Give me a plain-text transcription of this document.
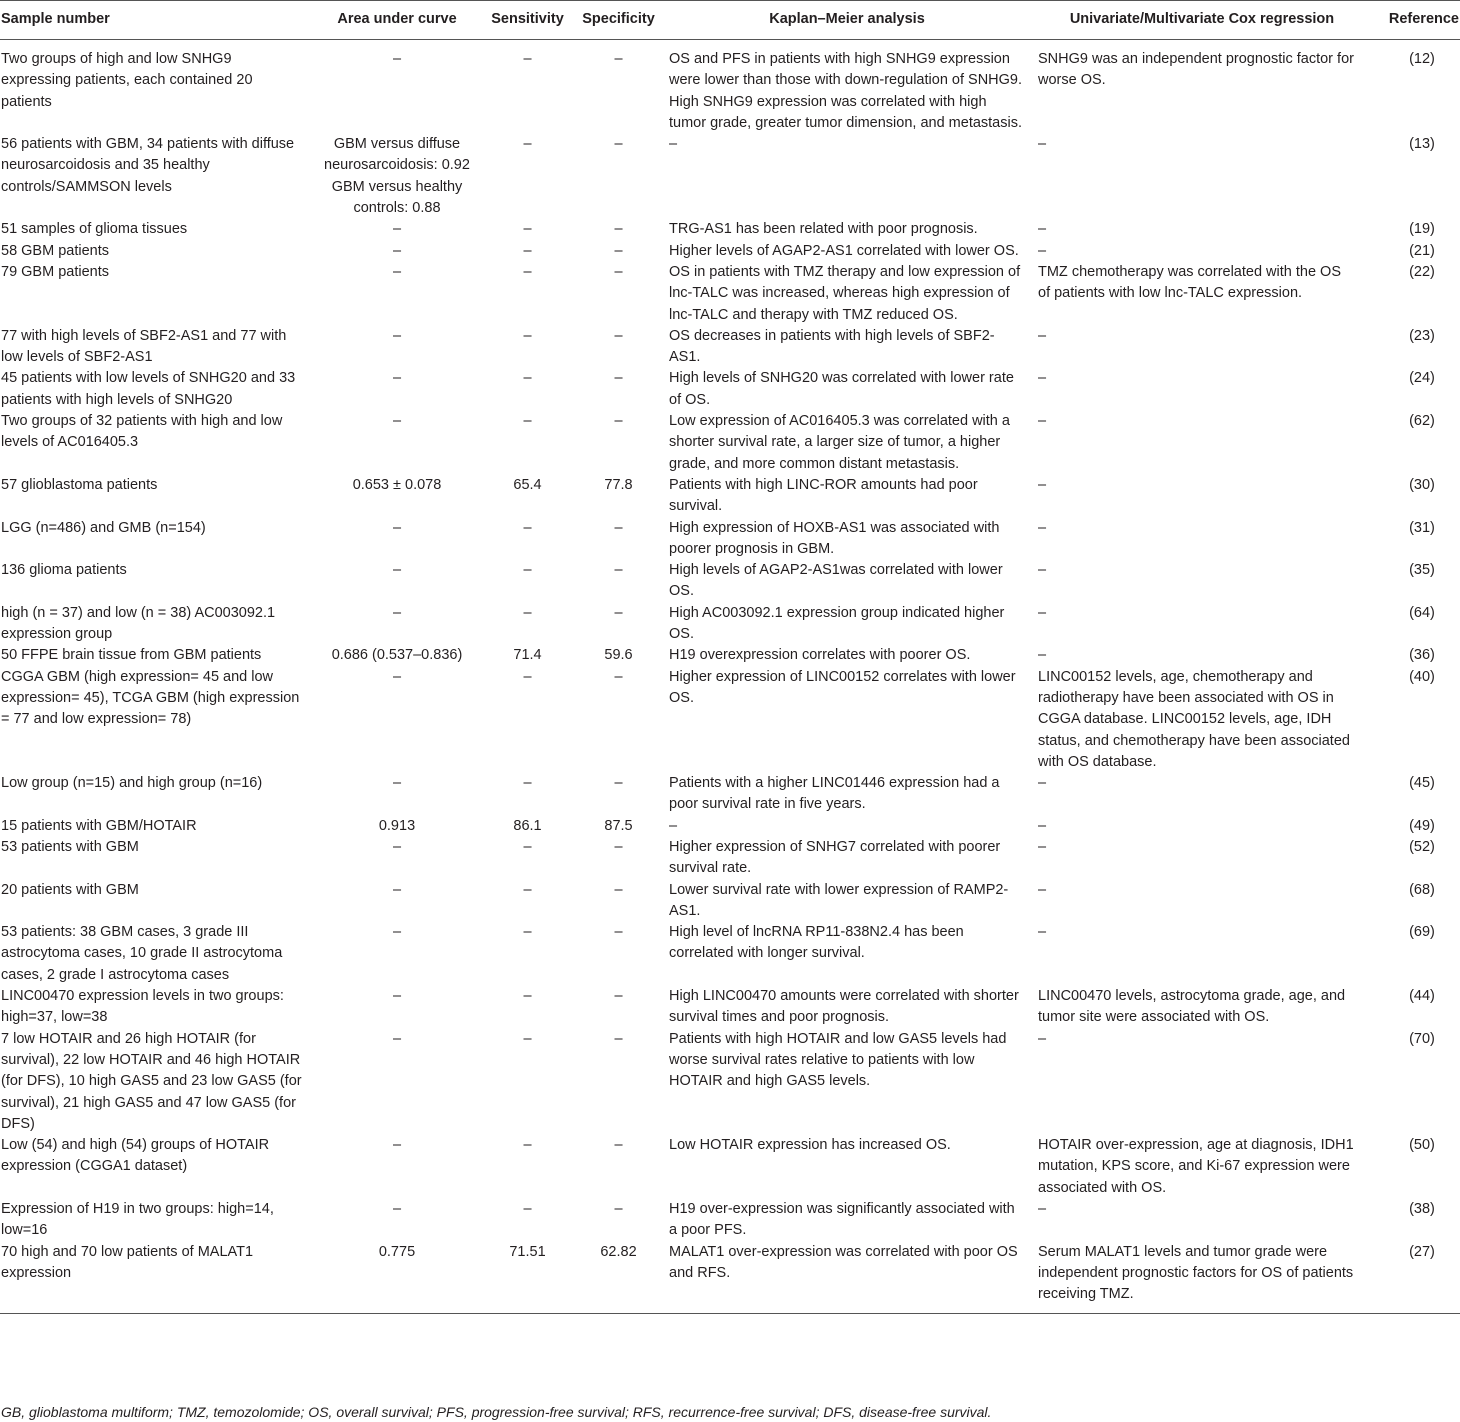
Sample number	Area under curve	Sensitivity	Specificity	Kaplan–Meier analysis	Univariate/Multivariate Cox regression	Reference
Two groups of high and low SNHG9 expressing patients, each contained 20 patients	–	–	–	OS and PFS in patients with high SNHG9 expression were lower than those with down-regulation of SNHG9. High SNHG9 expression was correlated with high tumor grade, greater tumor dimension, and metastasis.	SNHG9 was an independent prognostic factor for worse OS.	(12)
56 patients with GBM, 34 patients with diffuse neurosarcoidosis and 35 healthy controls/SAMMSON levels	GBM versus diffuse neurosarcoidosis: 0.92 GBM versus healthy controls: 0.88	–	–	–	–	(13)
51 samples of glioma tissues	–	–	–	TRG-AS1 has been related with poor prognosis.	–	(19)
58 GBM patients	–	–	–	Higher levels of AGAP2-AS1 correlated with lower OS.	–	(21)
79 GBM patients	–	–	–	OS in patients with TMZ therapy and low expression of lnc-TALC was increased, whereas high expression of lnc-TALC and therapy with TMZ reduced OS.	TMZ chemotherapy was correlated with the OS of patients with low lnc-TALC expression.	(22)
77 with high levels of SBF2-AS1 and 77 with low levels of SBF2-AS1	–	–	–	OS decreases in patients with high levels of SBF2-AS1.	–	(23)
45 patients with low levels of SNHG20 and 33 patients with high levels of SNHG20	–	–	–	High levels of SNHG20 was correlated with lower rate of OS.	–	(24)
Two groups of 32 patients with high and low levels of AC016405.3	–	–	–	Low expression of AC016405.3 was correlated with a shorter survival rate, a larger size of tumor, a higher grade, and more common distant metastasis.	–	(62)
57 glioblastoma patients	0.653 ± 0.078	65.4	77.8	Patients with high LINC-ROR amounts had poor survival.	–	(30)
LGG (n=486) and GMB (n=154)	–	–	–	High expression of HOXB-AS1 was associated with poorer prognosis in GBM.	–	(31)
136 glioma patients	–	–	–	High levels of AGAP2-AS1was correlated with lower OS.	–	(35)
high (n = 37) and low (n = 38) AC003092.1 expression group	–	–	–	High AC003092.1 expression group indicated higher OS.	–	(64)
50 FFPE brain tissue from GBM patients	0.686 (0.537–0.836)	71.4	59.6	H19 overexpression correlates with poorer OS.	–	(36)
CGGA GBM (high expression= 45 and low expression= 45), TCGA GBM (high expression = 77 and low expression= 78)	–	–	–	Higher expression of LINC00152 correlates with lower OS.	LINC00152 levels, age, chemotherapy and radiotherapy have been associated with OS in CGGA database. LINC00152 levels, age, IDH status, and chemotherapy have been associated with OS database.	(40)
Low group (n=15) and high group (n=16)	–	–	–	Patients with a higher LINC01446 expression had a poor survival rate in five years.	–	(45)
15 patients with GBM/HOTAIR	0.913	86.1	87.5	–	–	(49)
53 patients with GBM	–	–	–	Higher expression of SNHG7 correlated with poorer survival rate.	–	(52)
20 patients with GBM	–	–	–	Lower survival rate with lower expression of RAMP2-AS1.	–	(68)
53 patients: 38 GBM cases, 3 grade III astrocytoma cases, 10 grade II astrocytoma cases, 2 grade I astrocytoma cases	–	–	–	High level of lncRNA RP11-838N2.4 has been correlated with longer survival.	–	(69)
LINC00470 expression levels in two groups: high=37, low=38	–	–	–	High LINC00470 amounts were correlated with shorter survival times and poor prognosis.	LINC00470 levels, astrocytoma grade, age, and tumor site were associated with OS.	(44)
7 low HOTAIR and 26 high HOTAIR (for survival), 22 low HOTAIR and 46 high HOTAIR (for DFS), 10 high GAS5 and 23 low GAS5 (for survival), 21 high GAS5 and 47 low GAS5 (for DFS)	–	–	–	Patients with high HOTAIR and low GAS5 levels had worse survival rates relative to patients with low HOTAIR and high GAS5 levels.	–	(70)
Low (54) and high (54) groups of HOTAIR expression (CGGA1 dataset)	–	–	–	Low HOTAIR expression has increased OS.	HOTAIR over-expression, age at diagnosis, IDH1 mutation, KPS score, and Ki-67 expression were associated with OS.	(50)
Expression of H19 in two groups: high=14, low=16	–	–	–	H19 over-expression was significantly associated with a poor PFS.	–	(38)
70 high and 70 low patients of MALAT1 expression	0.775	71.51	62.82	MALAT1 over-expression was correlated with poor OS and RFS.	Serum MALAT1 levels and tumor grade were independent prognostic factors for OS of patients receiving TMZ.	(27)
GB, glioblastoma multiform; TMZ, temozolomide; OS, overall survival; PFS, progression-free survival; RFS, recurrence-free survival; DFS, disease-free survival.
